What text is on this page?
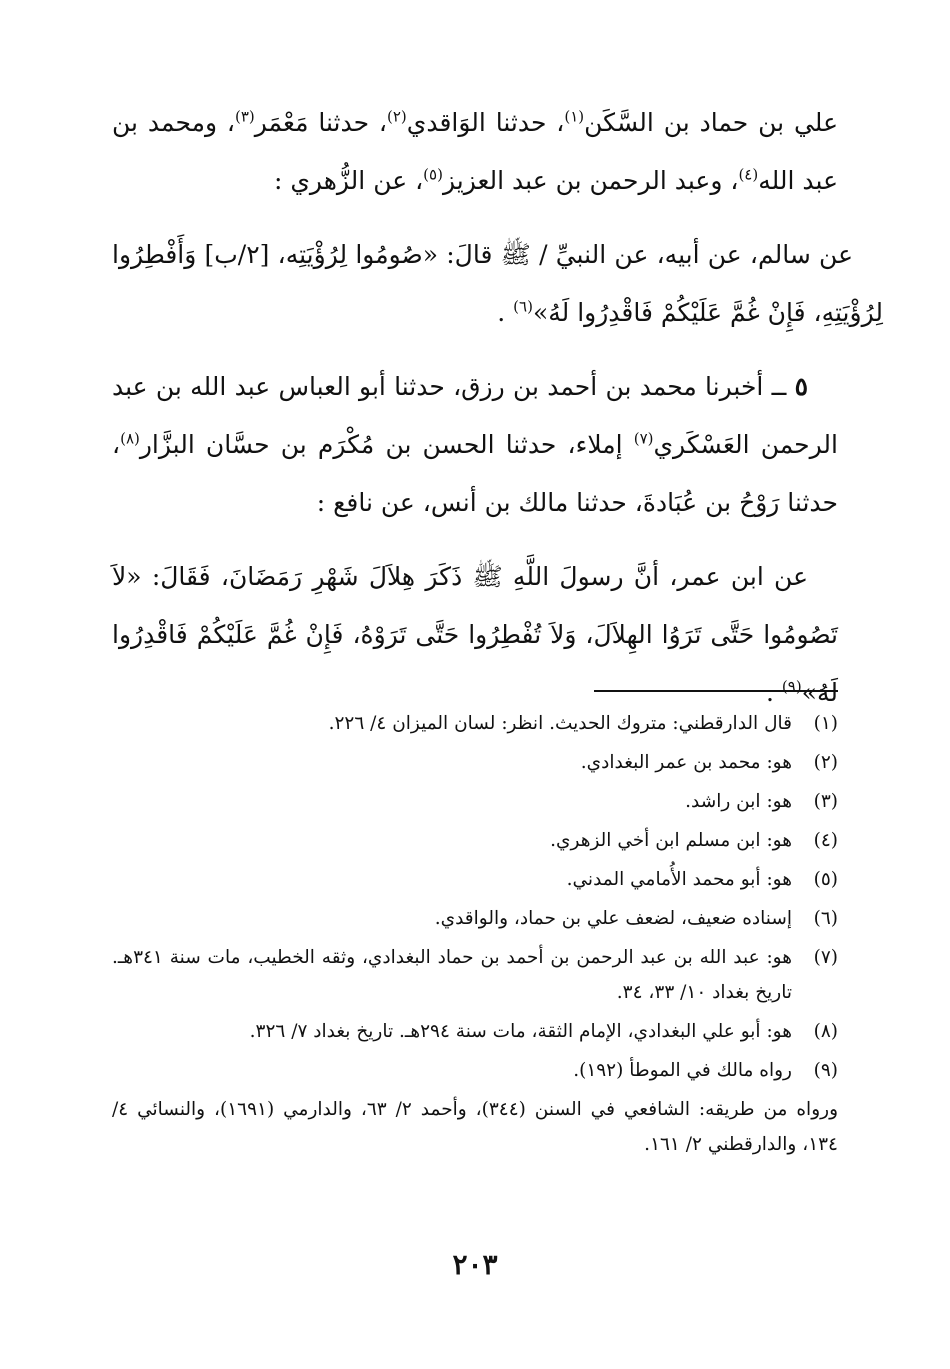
علي بن حماد بن السَّكَن$^{(١)}$، حدثنا الوَاقدي$^{(٢)}$، حدثنا مَعْمَر$^{(٣)}$، ومحمد بن عبد الله$^{(٤)}$، وعبد الرحمن بن عبد العزيز$^{(٥)}$، عن الزُّهري :

عن سالم، عن أبيه، عن النبيِّ / ﷺ قالَ: «صُومُوا لِرُؤْيَتِه، [٢/ب] وَأَفْطِرُوا لِرُؤْيَتِهِ، فَإِنْ غُمَّ عَلَيْكُمْ فَاقْدِرُوا لَهُ»$^{(٦)}$ .

٥ ــ أخبرنا محمد بن أحمد بن رزق، حدثنا أبو العباس عبد الله بن عبد الرحمن العَسْكَري$^{(٧)}$ إملاء، حدثنا الحسن بن مُكْرَم بن حسَّان البزَّار$^{(٨)}$، حدثنا رَوْحُ بن عُبَادةَ، حدثنا مالك بن أنس، عن نافع :

عن ابن عمر، أنَّ رسولَ اللَّهِ ﷺ ذَكَرَ هِلاَلَ شَهْرِ رَمَضَانَ، فَقَالَ: «لاَ تَصُومُوا حَتَّى تَرَوُا الهِلاَلَ، وَلاَ تُفْطِرُوا حَتَّى تَرَوْهُ، فَإِنْ غُمَّ عَلَيْكُمْ فَاقْدِرُوا لَهُ»$^{(٩)}$ .

(١)
قال الدارقطني: متروك الحديث. انظر: لسان الميزان ٤/ ٢٢٦.
(٢)
هو: محمد بن عمر البغدادي.
(٣)
هو: ابن راشد.
(٤)
هو: ابن مسلم ابن أخي الزهري.
(٥)
هو: أبو محمد الأُمامي المدني.
(٦)
إسناده ضعيف، لضعف علي بن حماد، والواقدي.
(٧)
هو: عبد الله بن عبد الرحمن بن أحمد بن حماد البغدادي، وثقه الخطيب، مات سنة ٣٤١هـ. تاريخ بغداد ١٠/ ٣٣، ٣٤.
(٨)
هو: أبو علي البغدادي، الإمام الثقة، مات سنة ٢٩٤هـ. تاريخ بغداد ٧/ ٣٢٦.
(٩)
رواه مالك في الموطأ (١٩٢).
ورواه من طريقه: الشافعي في السنن (٣٤٤)، وأحمد ٢/ ٦٣، والدارمي (١٦٩١)، والنسائي ٤/ ١٣٤، والدارقطني ٢/ ١٦١.
٢٠٣
